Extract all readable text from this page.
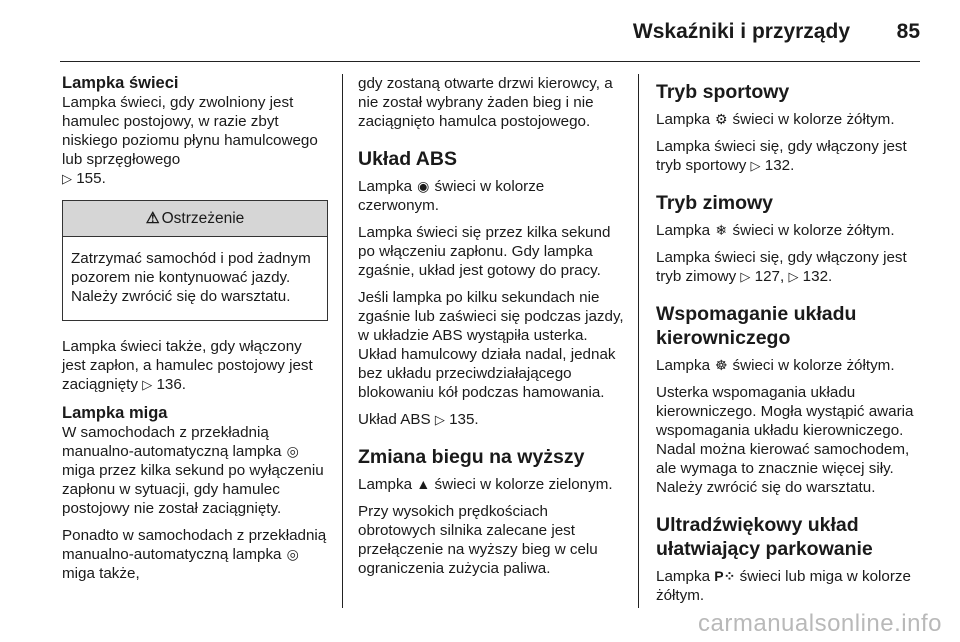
Wskaźniki i przyrządy 85
Lampka świeci

Lampka świeci, gdy zwolniony jest hamulec postojowy, w razie zbyt niskiego poziomu płynu hamulcowego lub sprzęgłowego
▷ 155.

⚠ Ostrzeżenie
Zatrzymać samochód i pod żadnym pozorem nie kontynuować jazdy. Należy zwrócić się do warsztatu.

Lampka świeci także, gdy włączony jest zapłon, a hamulec postojowy jest zaciągnięty ▷ 136.

Lampka miga

W samochodach z przekładnią manualno-automatyczną lampka ◎
miga przez kilka sekund po wyłączeniu zapłonu w sytuacji, gdy hamulec postojowy nie został zaciągnięty.

Ponadto w samochodach z przekładnią manualno-automatyczną lampka ◎ miga także,

gdy zostaną otwarte drzwi kierowcy, a nie został wybrany żaden bieg i nie zaciągnięto hamulca postojowego.

Układ ABS

Lampka ◉ świeci w kolorze czerwonym.

Lampka świeci się przez kilka sekund po włączeniu zapłonu. Gdy lampka zgaśnie, układ jest gotowy do pracy.

Jeśli lampka po kilku sekundach nie zgaśnie lub zaświeci się podczas jazdy, w układzie ABS wystąpiła usterka. Układ hamulcowy działa nadal, jednak bez układu przeciwdziałającego blokowaniu kół podczas hamowania.

Układ ABS ▷ 135.

Zmiana biegu na wyższy

Lampka ▲ świeci w kolorze zielonym.

Przy wysokich prędkościach obrotowych silnika zalecane jest przełączenie na wyższy bieg w celu ograniczenia zużycia paliwa.

Tryb sportowy

Lampka ⚙ świeci w kolorze żółtym.

Lampka świeci się, gdy włączony jest tryb sportowy ▷ 132.

Tryb zimowy

Lampka ❄ świeci w kolorze żółtym.

Lampka świeci się, gdy włączony jest tryb zimowy ▷ 127, ▷ 132.

Wspomaganie układu kierowniczego

Lampka ☸ świeci w kolorze żółtym.

Usterka wspomagania układu kierowniczego. Mogła wystąpić awaria wspomagania układu kierowniczego. Nadal można kierować samochodem, ale wymaga to znacznie więcej siły. Należy zwrócić się do warsztatu.

Ultradźwiękowy układ ułatwiający parkowanie

Lampka P⁘ świeci lub miga w kolorze żółtym.

carmanualsonline.info
